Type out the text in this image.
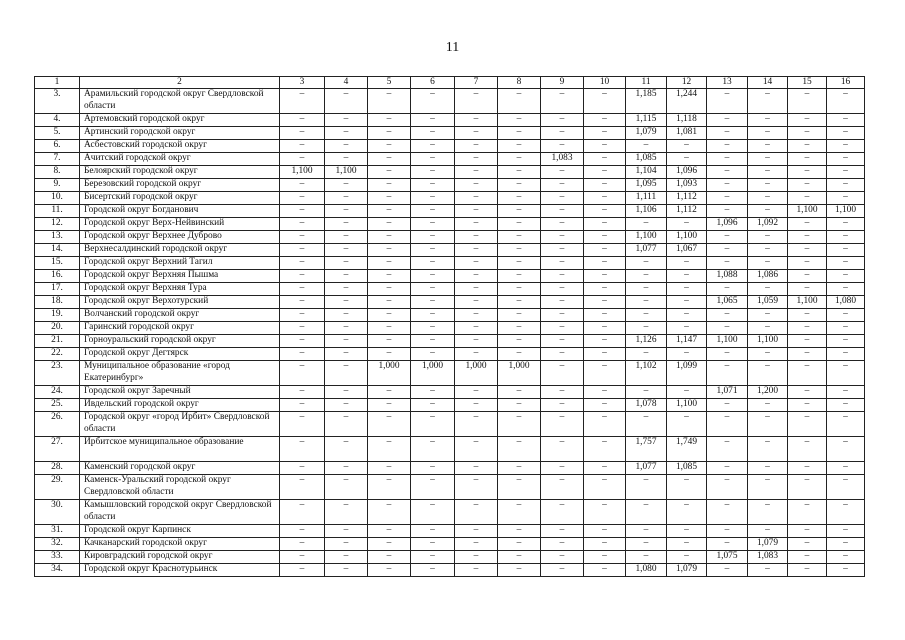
11
1	2	3	4	5	6	7	8	9	10	11	12	13	14	15	16
3.	Арамильский городской округ Свердловской области	–	–	–	–	–	–	–	–	1,185	1,244	–	–	–	–
4.	Артемовский городской округ	–	–	–	–	–	–	–	–	1,115	1,118	–	–	–	–
5.	Артинский городской округ	–	–	–	–	–	–	–	–	1,079	1,081	–	–	–	–
6.	Асбестовский городской округ	–	–	–	–	–	–	–	–	–	–	–	–	–	–
7.	Ачитский городской округ	–	–	–	–	–	–	1,083	–	1,085	–	–	–	–	–
8.	Белоярский городской округ	1,100	1,100	–	–	–	–	–	–	1,104	1,096	–	–	–	–
9.	Березовский городской округ	–	–	–	–	–	–	–	–	1,095	1,093	–	–	–	–
10.	Бисертский городской округ	–	–	–	–	–	–	–	–	1,111	1,112	–	–	–	–
11.	Городской округ Богданович	–	–	–	–	–	–	–	–	1,106	1,112	–	–	1,100	1,100
12.	Городской округ Верх-Нейвинский	–	–	–	–	–	–	–	–	–	–	1,096	1,092	–	–
13.	Городской округ Верхнее Дуброво	–	–	–	–	–	–	–	–	1,100	1,100	–	–	–	–
14.	Верхнесалдинский городской округ	–	–	–	–	–	–	–	–	1,077	1,067	–	–	–	–
15.	Городской округ Верхний Тагил	–	–	–	–	–	–	–	–	–	–	–	–	–	–
16.	Городской округ Верхняя Пышма	–	–	–	–	–	–	–	–	–	–	1,088	1,086	–	–
17.	Городской округ Верхняя Тура	–	–	–	–	–	–	–	–	–	–	–	–	–	–
18.	Городской округ Верхотурский	–	–	–	–	–	–	–	–	–	–	1,065	1,059	1,100	1,080
19.	Волчанский городской округ	–	–	–	–	–	–	–	–	–	–	–	–	–	–
20.	Гаринский городской округ	–	–	–	–	–	–	–	–	–	–	–	–	–	–
21.	Горноуральский городской округ	–	–	–	–	–	–	–	–	1,126	1,147	1,100	1,100	–	–
22.	Городской округ Дегтярск	–	–	–	–	–	–	–	–	–	–	–	–	–	–
23.	Муниципальное образование «город Екатеринбург»	–	–	1,000	1,000	1,000	1,000	–	–	1,102	1,099	–	–	–	–
24.	Городской округ Заречный	–	–	–	–	–	–	–	–	–	–	1,071	1,200	–	–
25.	Ивдельский городской округ	–	–	–	–	–	–	–	–	1,078	1,100	–	–	–	–
26.	Городской округ «город Ирбит» Свердловской области	–	–	–	–	–	–	–	–	–	–	–	–	–	–
27.	Ирбитское муниципальное образование	–	–	–	–	–	–	–	–	1,757	1,749	–	–	–	–
28.	Каменский городской округ	–	–	–	–	–	–	–	–	1,077	1,085	–	–	–	–
29.	Каменск-Уральский городской округ Свердловской области	–	–	–	–	–	–	–	–	–	–	–	–	–	–
30.	Камышловский городской округ Свердловской области	–	–	–	–	–	–	–	–	–	–	–	–	–	–
31.	Городской округ Карпинск	–	–	–	–	–	–	–	–	–	–	–	–	–	–
32.	Качканарский городской округ	–	–	–	–	–	–	–	–	–	–	–	1,079	–	–
33.	Кировградский городской округ	–	–	–	–	–	–	–	–	–	–	1,075	1,083	–	–
34.	Городской округ Краснотурьинск	–	–	–	–	–	–	–	–	1,080	1,079	–	–	–	–
